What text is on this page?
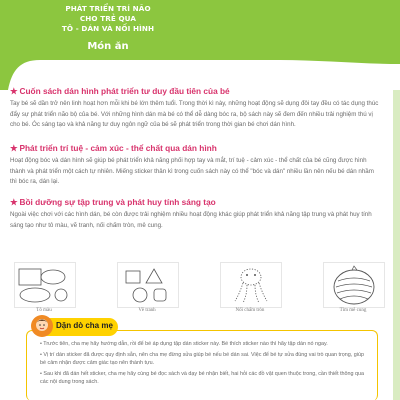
PHÁT TRIỂN TRÍ NÃO
CHO TRẺ QUA
TÔ - DÁN VÀ NỐI HÌNH
Món ăn
★ Cuốn sách dán hình phát triển tư duy đầu tiên của bé
Tay bé sẽ dần trở nên linh hoạt hơn mỗi khi bé lớn thêm tuổi. Trong thời kì này, những hoạt động sẽ dụng đôi tay đều có tác dụng thúc đẩy sự phát triển não bộ của bé. Với những hình dán mà bé có thể dễ dàng bóc ra, bộ sách này sẽ đem đến nhiều trải nghiệm thú vị cho bé. Óc sáng tạo và khả năng tư duy ngôn ngữ của bé sẽ phát triển trong thời gian bé chơi dán hình.
★ Phát triển trí tuệ - cảm xúc - thể chất qua dán hình
Hoạt động bóc và dán hình sẽ giúp bé phát triển khả năng phối hợp tay và mắt, trí tuệ - cảm xúc - thể chất của bé cũng được hình thành và phát triển một cách tự nhiên. Miếng sticker thân kì trong cuốn sách này có thể "bóc và dán" nhiều lần nên nếu bé dán nhầm thì bóc ra, dán lại.
★ Bồi dưỡng sự tập trung và phát huy tính sáng tạo
Ngoài việc chơi với các hình dán, bé còn được trải nghiệm nhiều hoạt động khác giúp phát triển khả năng tập trung và phát huy tính sáng tạo như tô màu, vẽ tranh, nối chấm tròn, mê cung.
Tô màu	Vẽ tranh	Nối chấm tròn	Tìm mê cung
Dặn dò cha mẹ

• Trước tiên, cha mẹ hãy hướng dẫn, rồi để bé áp dụng tập dán sticker này. Bé thích sticker nào thì hãy tập dán nó ngay.

• Vị trí dán sticker đã được quy định sẵn, nên cha mẹ đừng sửa giúp bé nếu bé dán sai. Việc để bé tự sửa đúng vai trò quan trọng, giúp bé cảm nhận được cảm giác tạo nên thành tựu.

• Sau khi đã dán hết sticker, cha mẹ hãy cùng bé đọc sách và dạy bé nhận biết, hai hỏi các đồ vật quen thuộc trong, cần thiết thông qua các nội dung trong sách.
